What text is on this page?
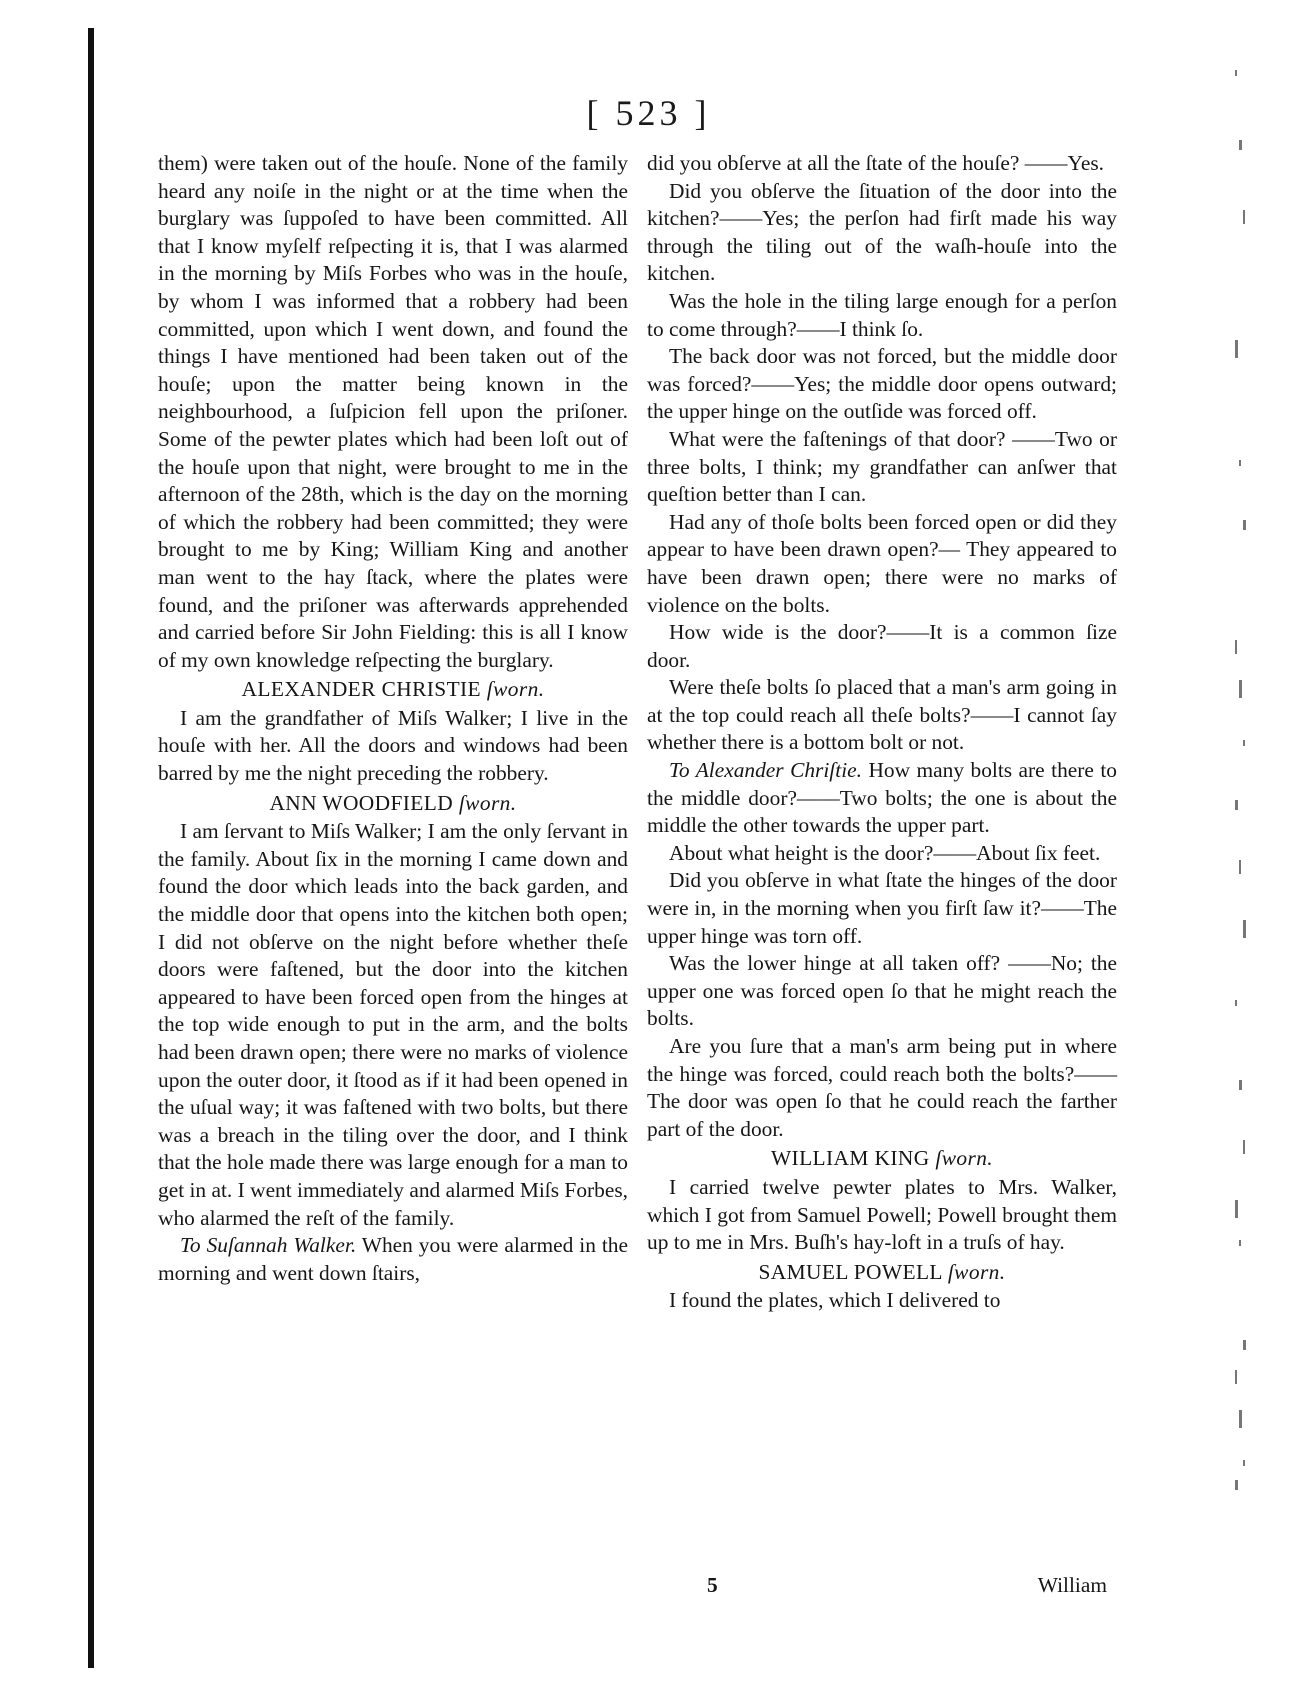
[ 523 ]

them) were taken out of the houſe. None of the family heard any noiſe in the night or at the time when the burglary was ſuppoſed to have been committed. All that I know myſelf reſpecting it is, that I was alarmed in the morning by Miſs Forbes who was in the houſe, by whom I was informed that a robbery had been committed, upon which I went down, and found the things I have mentioned had been taken out of the houſe; upon the matter being known in the neighbourhood, a ſuſpicion fell upon the priſoner. Some of the pewter plates which had been loſt out of the houſe upon that night, were brought to me in the afternoon of the 28th, which is the day on the morning of which the robbery had been committed; they were brought to me by King; William King and another man went to the hay ſtack, where the plates were found, and the priſoner was afterwards apprehended and carried before Sir John Fielding: this is all I know of my own knowledge reſpecting the burglary.

ALEXANDER CHRISTIE ſworn.

I am the grandfather of Miſs Walker; I live in the houſe with her. All the doors and windows had been barred by me the night preceding the robbery.

ANN WOODFIELD ſworn.

I am ſervant to Miſs Walker; I am the only ſervant in the family. About ſix in the morning I came down and found the door which leads into the back garden, and the middle door that opens into the kitchen both open; I did not obſerve on the night before whether theſe doors were faſtened, but the door into the kitchen appeared to have been forced open from the hinges at the top wide enough to put in the arm, and the bolts had been drawn open; there were no marks of violence upon the outer door, it ſtood as if it had been opened in the uſual way; it was faſtened with two bolts, but there was a breach in the tiling over the door, and I think that the hole made there was large enough for a man to get in at. I went immediately and alarmed Miſs Forbes, who alarmed the reſt of the family.

To Suſannah Walker. When you were alarmed in the morning and went down ſtairs,

did you obſerve at all the ſtate of the houſe? ——Yes.

Did you obſerve the ſituation of the door into the kitchen?——Yes; the perſon had firſt made his way through the tiling out of the waſh-houſe into the kitchen.

Was the hole in the tiling large enough for a perſon to come through?——I think ſo.

The back door was not forced, but the middle door was forced?——Yes; the middle door opens outward; the upper hinge on the outſide was forced off.

What were the faſtenings of that door? ——Two or three bolts, I think; my grandfather can anſwer that queſtion better than I can.

Had any of thoſe bolts been forced open or did they appear to have been drawn open?— They appeared to have been drawn open; there were no marks of violence on the bolts.

How wide is the door?——It is a common ſize door.

Were theſe bolts ſo placed that a man's arm going in at the top could reach all theſe bolts?——I cannot ſay whether there is a bottom bolt or not.

To Alexander Chriſtie. How many bolts are there to the middle door?——Two bolts; the one is about the middle the other towards the upper part.

About what height is the door?——About ſix feet.

Did you obſerve in what ſtate the hinges of the door were in, in the morning when you firſt ſaw it?——The upper hinge was torn off.

Was the lower hinge at all taken off? ——No; the upper one was forced open ſo that he might reach the bolts.

Are you ſure that a man's arm being put in where the hinge was forced, could reach both the bolts?——The door was open ſo that he could reach the farther part of the door.

WILLIAM KING ſworn.

I carried twelve pewter plates to Mrs. Walker, which I got from Samuel Powell; Powell brought them up to me in Mrs. Buſh's hay-loft in a truſs of hay.

SAMUEL POWELL ſworn.

I found the plates, which I delivered to

5	William
